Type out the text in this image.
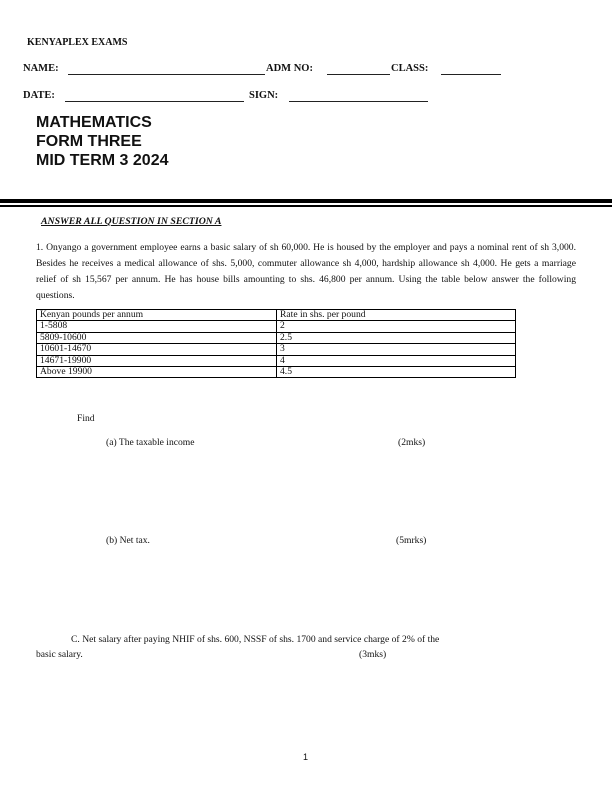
KENYAPLEX EXAMS
NAME:	ADM NO:	CLASS:
DATE:	SIGN:
MATHEMATICS
FORM THREE
MID TERM 3 2024
ANSWER ALL QUESTION IN SECTION A
1. Onyango a government employee earns a basic salary of sh 60,000. He is housed by the employer and pays a nominal rent of sh 3,000. Besides he receives a medical allowance of shs. 5,000, commuter allowance sh 4,000, hardship allowance sh 4,000. He gets a marriage relief of sh 15,567 per annum. He has house bills amounting to shs. 46,800 per annum. Using the table below answer the following questions.
Kenyan pounds per annum	Rate in shs. per pound
1-5808	2
5809-10600	2.5
10601-14670	3
14671-19900	4
Above 19900	4.5
Find
(a) The taxable income	(2mks)
(b) Net tax.	(5mrks)
C. Net salary after paying NHIF of shs. 600, NSSF of shs. 1700 and service charge of 2% of the
basic salary.	(3mks)
1
